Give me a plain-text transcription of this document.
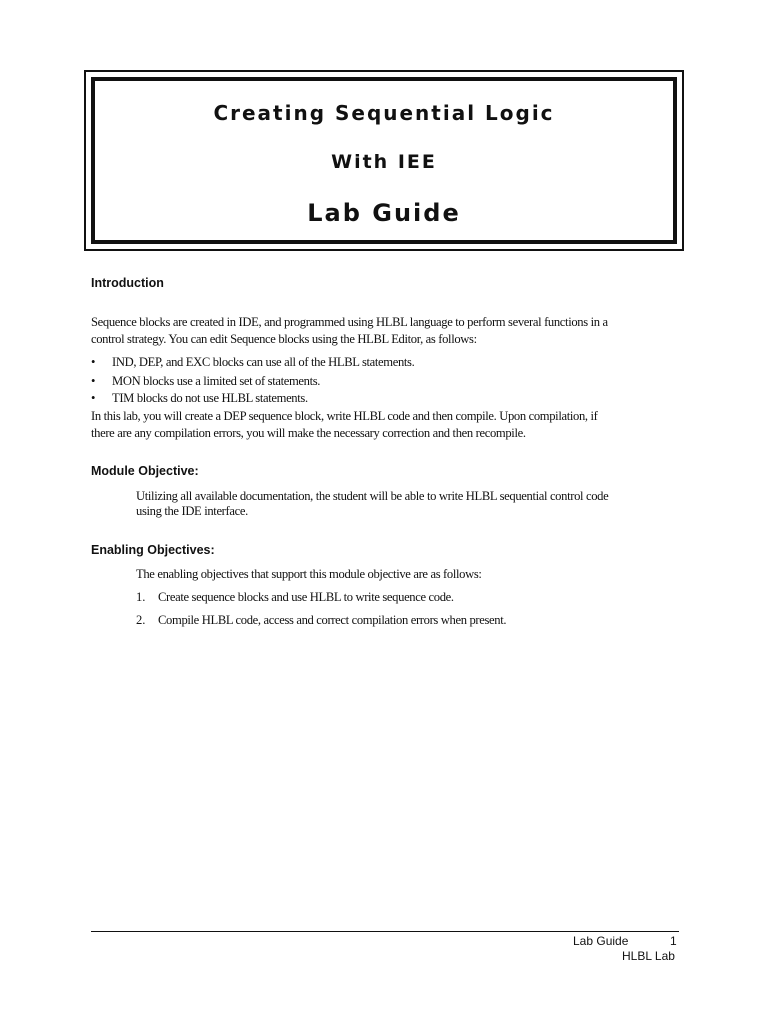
Creating Sequential Logic
With IEE
Lab Guide
Introduction
Sequence blocks are created in IDE, and programmed using HLBL language to perform several functions in a
control strategy. You can edit Sequence blocks using the HLBL Editor, as follows:
• IND, DEP, and EXC blocks can use all of the HLBL statements.
• MON blocks use a limited set of statements.
• TIM blocks do not use HLBL statements.
In this lab, you will create a DEP sequence block, write HLBL code and then compile. Upon compilation, if
there are any compilation errors, you will make the necessary correction and then recompile.
Module Objective:
Utilizing all available documentation, the student will be able to write HLBL sequential control code
using the IDE interface.
Enabling Objectives:
The enabling objectives that support this module objective are as follows:
1. Create sequence blocks and use HLBL to write sequence code.
2. Compile HLBL code, access and correct compilation errors when present.
Lab Guide	1
HLBL Lab
